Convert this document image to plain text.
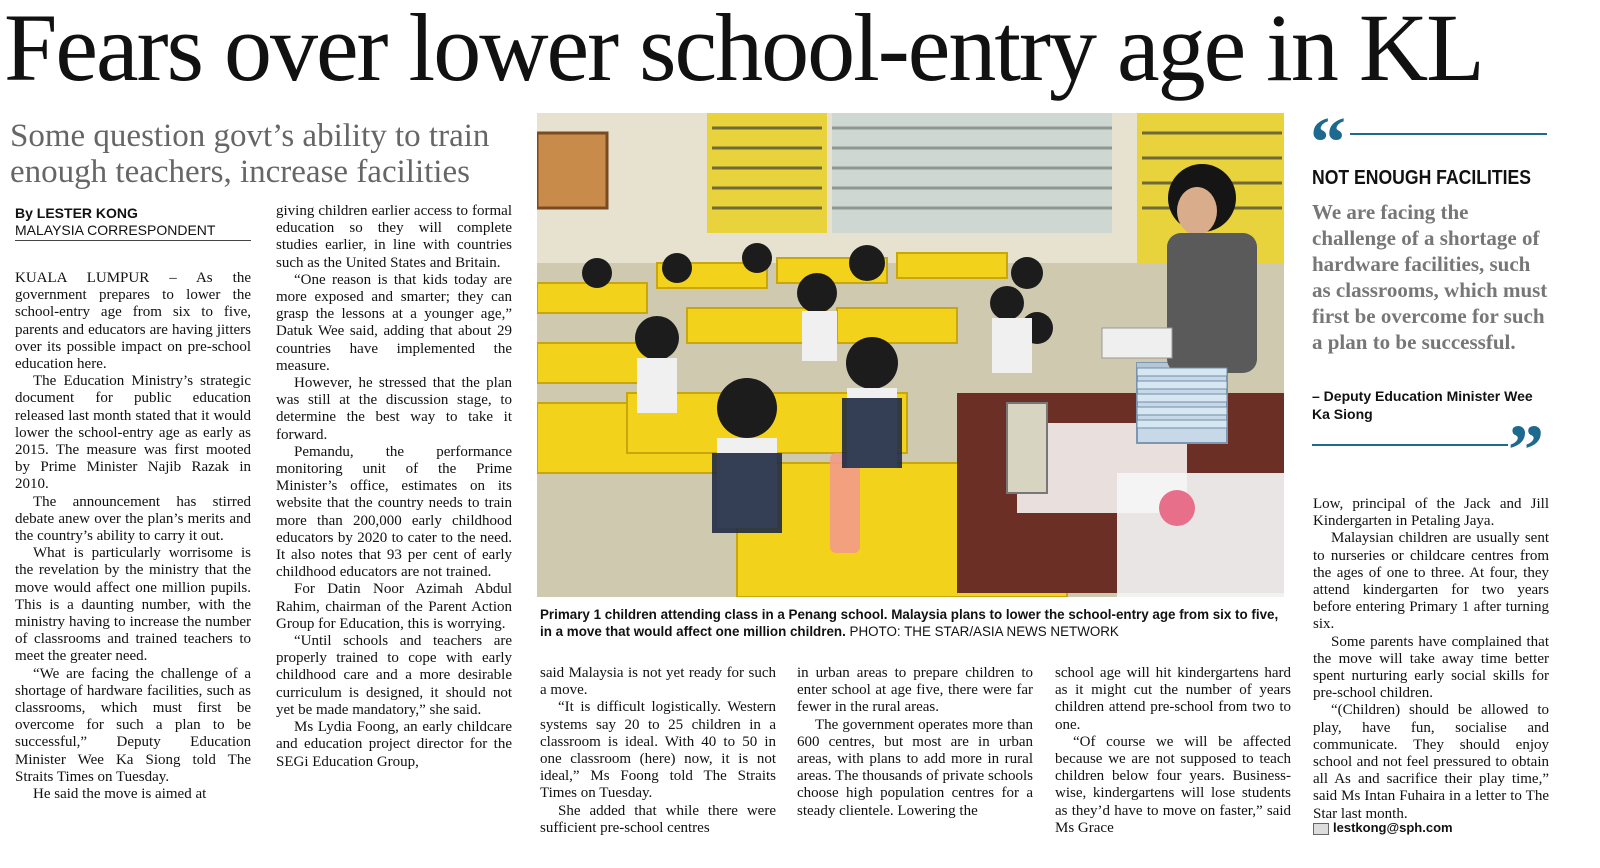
Fears over lower school-entry age in KL
Some question govt’s ability to train enough teachers, increase facilities
By LESTER KONG
MALAYSIA CORRESPONDENT

KUALA LUMPUR – As the government prepares to lower the school-entry age from six to five, parents and educators are having jitters over its possible impact on pre-school education here.

The Education Ministry’s strategic document for public education released last month stated that it would lower the school-entry age as early as 2015. The measure was first mooted by Prime Minister Najib Razak in 2010.

The announcement has stirred debate anew over the plan’s merits and the country’s ability to carry it out.

What is particularly worrisome is the revelation by the ministry that the move would affect one million pupils. This is a daunting number, with the ministry having to increase the number of classrooms and trained teachers to meet the greater need.

“We are facing the challenge of a shortage of hardware facilities, such as classrooms, which must first be overcome for such a plan to be successful,” Deputy Education Minister Wee Ka Siong told The Straits Times on Tuesday.

He said the move is aimed at

giving children earlier access to formal education so they will complete studies earlier, in line with countries such as the United States and Britain.

“One reason is that kids today are more exposed and smarter; they can grasp the lessons at a younger age,” Datuk Wee said, adding that about 29 countries have implemented the measure.

However, he stressed that the plan was still at the discussion stage, to determine the best way to take it forward.

Pemandu, the performance monitoring unit of the Prime Minister’s office, estimates on its website that the country needs to train more than 200,000 early childhood educators by 2020 to cater to the need. It also notes that 93 per cent of early childhood educators are not trained.

For Datin Noor Azimah Abdul Rahim, chairman of the Parent Action Group for Education, this is worrying.

“Until schools and teachers are properly trained to cope with early childhood care and a more desirable curriculum is designed, it should not yet be made mandatory,” she said.

Ms Lydia Foong, an early childcare and education project director for the SEGi Education Group,

Primary 1 children attending class in a Penang school. Malaysia plans to lower the school-entry age from six to five, in a move that would affect one million children. PHOTO: THE STAR/ASIA NEWS NETWORK

said Malaysia is not yet ready for such a move.

“It is difficult logistically. Western systems say 20 to 25 children in a classroom is ideal. With 40 to 50 in one classroom (here) now, it is not ideal,” Ms Foong told The Straits Times on Tuesday.

She added that while there were sufficient pre-school centres

in urban areas to prepare children to enter school at age five, there were far fewer in the rural areas.

The government operates more than 600 centres, but most are in urban areas, with plans to add more in rural areas. The thousands of private schools choose high population centres for a steady clientele. Lowering the

school age will hit kindergartens hard as it might cut the number of years children attend pre-school from two to one.

“Of course we will be affected because we are not supposed to teach children below four years. Business-wise, kindergartens will lose students as they’d have to move on faster,” said Ms Grace

“
NOT ENOUGH FACILITIES
We are facing the challenge of a shortage of hardware facilities, such as classrooms, which must first be overcome for such a plan to be successful.
– Deputy Education Minister Wee Ka Siong	”

Low, principal of the Jack and Jill Kindergarten in Petaling Jaya.

Malaysian children are usually sent to nurseries or childcare centres from the ages of one to three. At four, they attend kindergarten for two years before entering Primary 1 after turning six.

Some parents have complained that the move will take away time better spent nurturing early social skills for pre-school children.

“(Children) should be allowed to play, have fun, socialise and communicate. They should enjoy school and not feel pressured to obtain all As and sacrifice their play time,” said Ms Intan Fuhaira in a letter to The Star last month.

lestkong@sph.com
